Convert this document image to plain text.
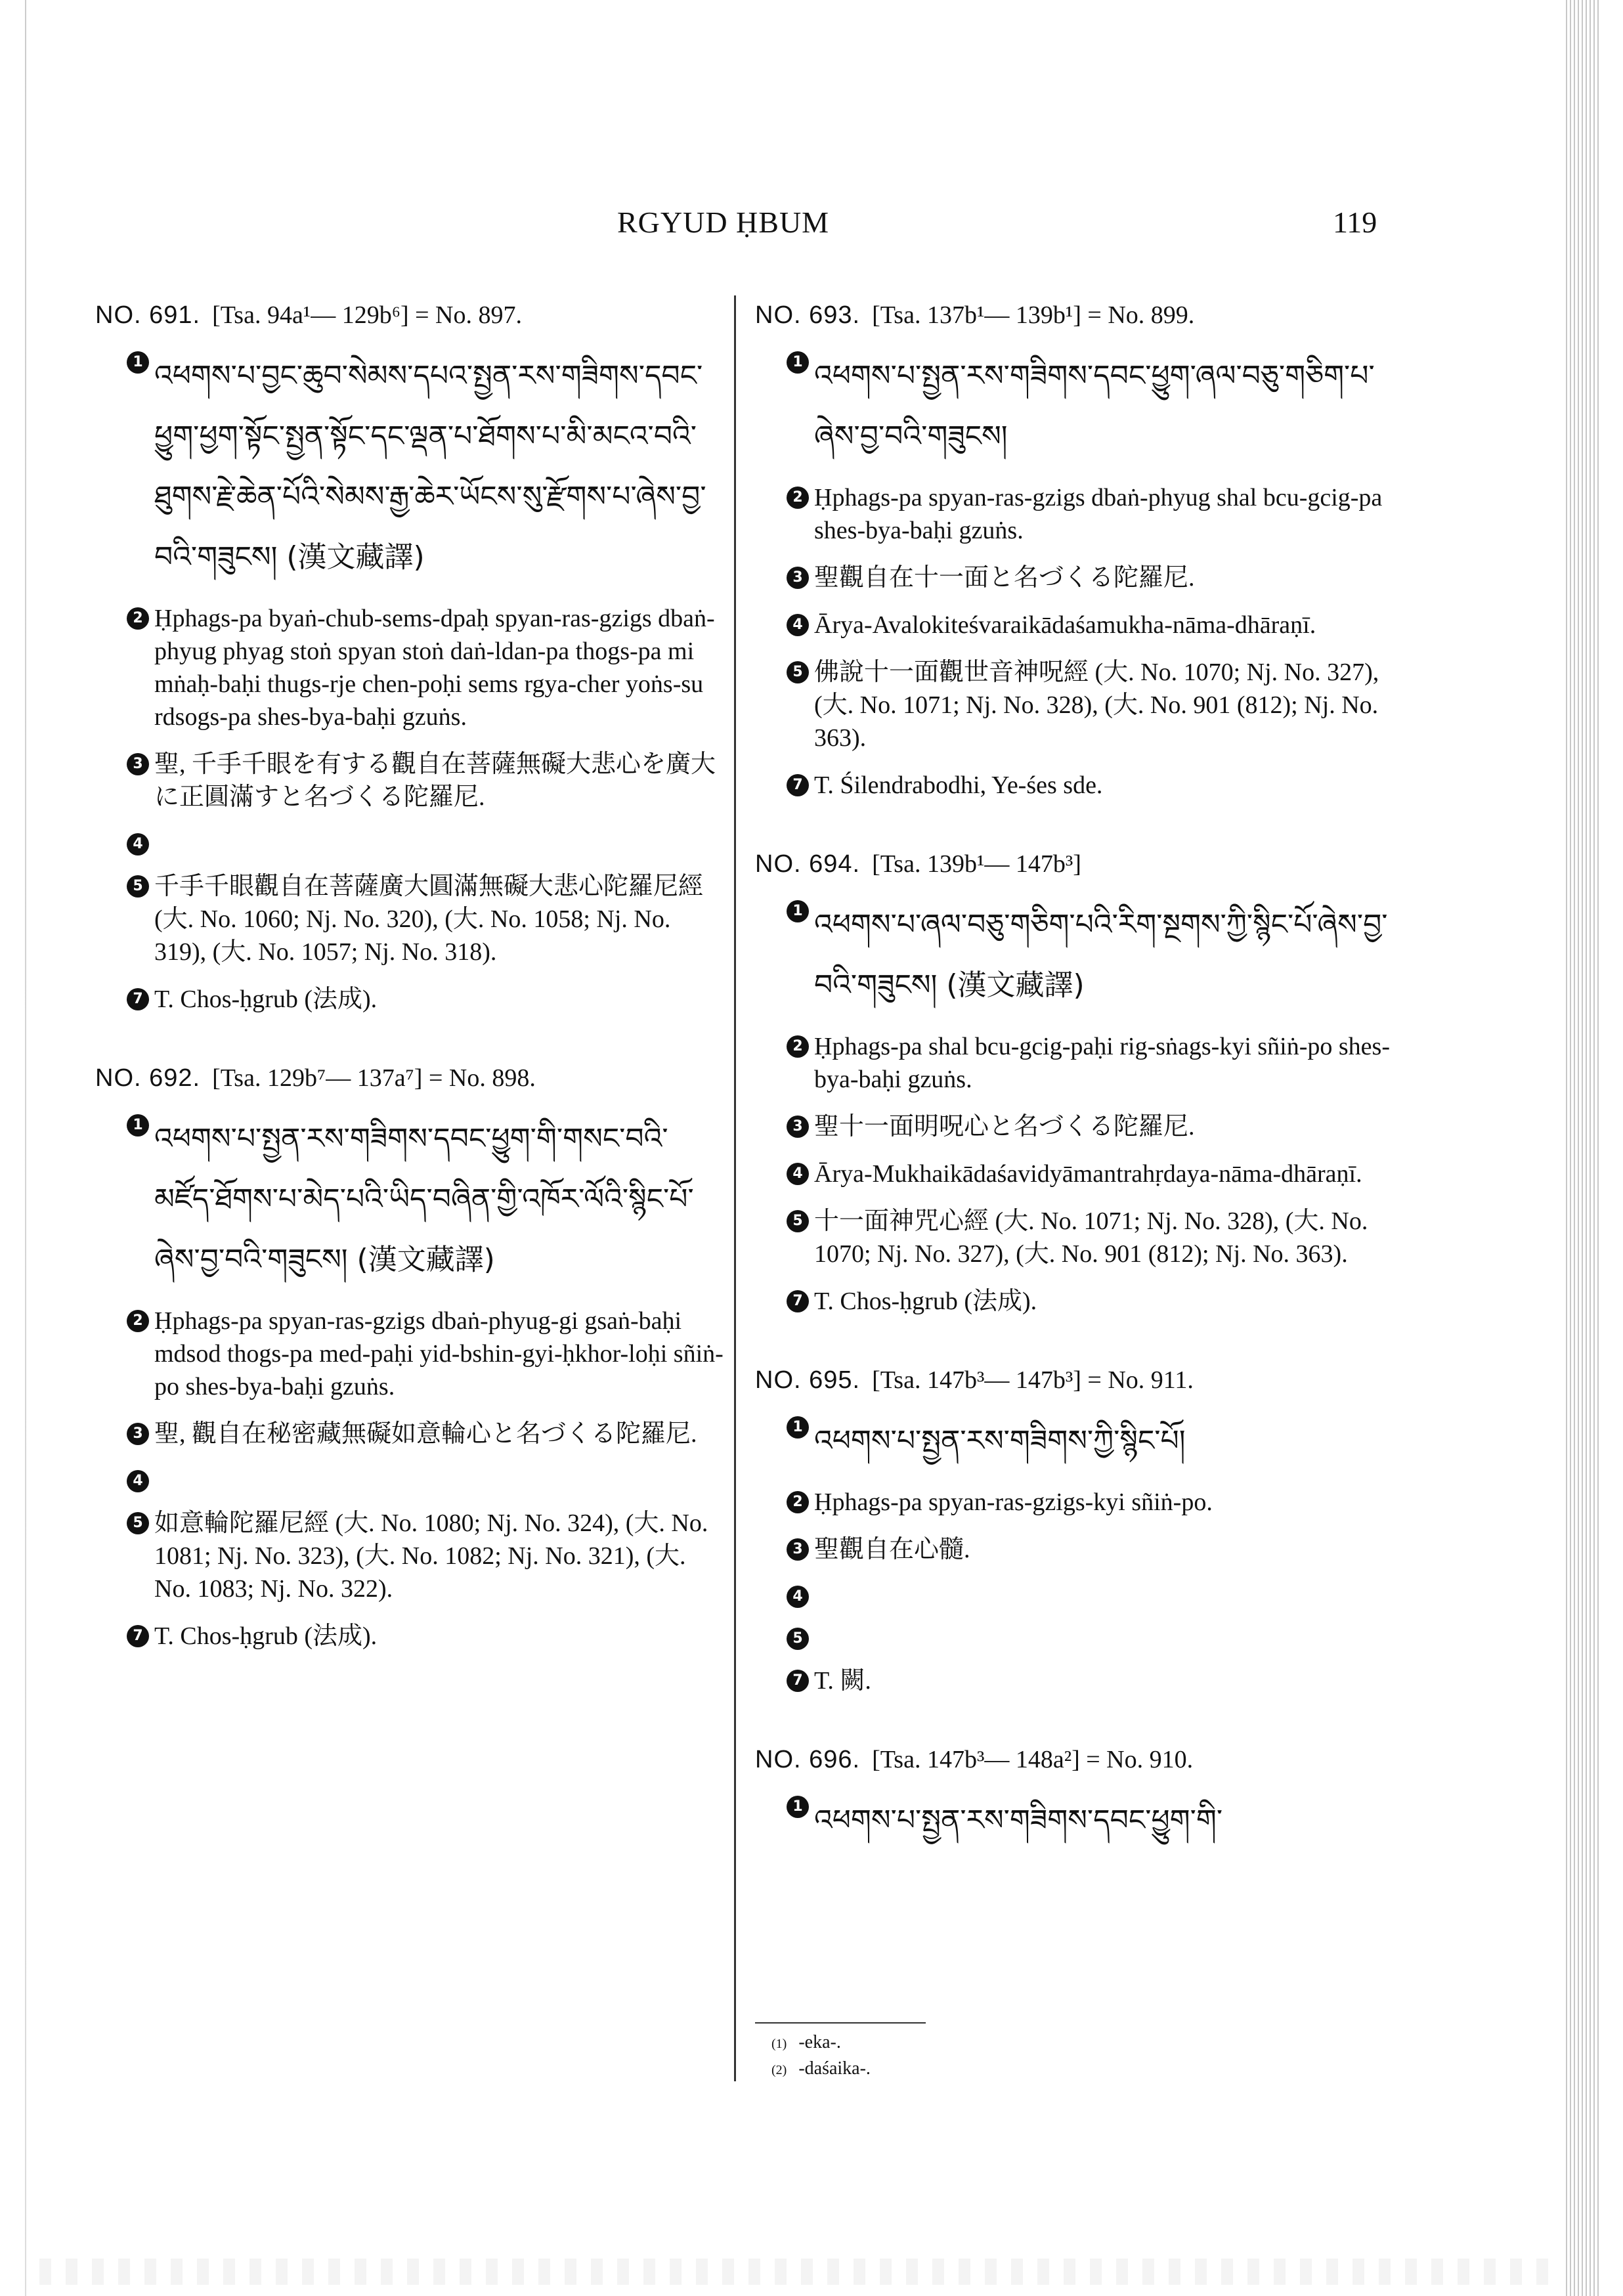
RGYUD ḤBUM	119
NO. 691. [Tsa. 94a¹— 129b⁶] = No. 897.
1 འཕགས་པ་བྱང་ཆུབ་སེམས་དཔའ་སྤྱན་རས་གཟིགས་དབང་ཕྱུག་ཕྱག་སྟོང་སྤྱན་སྟོང་དང་ལྡན་པ་ཐོགས་པ་མི་མངའ་བའི་ཐུགས་རྗེ་ཆེན་པོའི་སེམས་རྒྱ་ཆེར་ཡོངས་སུ་རྫོགས་པ་ཞེས་བྱ་བའི་གཟུངས། (漢文藏譯)
2 Ḥphags-pa byaṅ-chub-sems-dpaḥ spyan-ras-gzigs dbaṅ-phyug phyag stoṅ spyan stoṅ daṅ-ldan-pa thogs-pa mi mṅaḥ-baḥi thugs-rje chen-poḥi sems rgya-cher yoṅs-su rdsogs-pa shes-bya-baḥi gzuṅs.
3 聖, 千手千眼を有する觀自在菩薩無礙大悲心を廣大に正圓滿すと名づくる陀羅尼.
4
5 千手千眼觀自在菩薩廣大圓滿無礙大悲心陀羅尼經 (大. No. 1060; Nj. No. 320), (大. No. 1058; Nj. No. 319), (大. No. 1057; Nj. No. 318).
7 T. Chos-ḥgrub (法成).
NO. 692. [Tsa. 129b⁷— 137a⁷] = No. 898.
1 འཕགས་པ་སྤྱན་རས་གཟིགས་དབང་ཕྱུག་གི་གསང་བའི་མཛོད་ཐོགས་པ་མེད་པའི་ཡིད་བཞིན་གྱི་འཁོར་ལོའི་སྙིང་པོ་ཞེས་བྱ་བའི་གཟུངས། (漢文藏譯)
2 Ḥphags-pa spyan-ras-gzigs dbaṅ-phyug-gi gsaṅ-baḥi mdsod thogs-pa med-paḥi yid-bshin-gyi-ḥkhor-loḥi sñiṅ-po shes-bya-baḥi gzuṅs.
3 聖, 觀自在秘密藏無礙如意輪心と名づくる陀羅尼.
4
5 如意輪陀羅尼經 (大. No. 1080; Nj. No. 324), (大. No. 1081; Nj. No. 323), (大. No. 1082; Nj. No. 321), (大. No. 1083; Nj. No. 322).
7 T. Chos-ḥgrub (法成).
NO. 693. [Tsa. 137b¹— 139b¹] = No. 899.
1 འཕགས་པ་སྤྱན་རས་གཟིགས་དབང་ཕྱུག་ཞལ་བཅུ་གཅིག་པ་ཞེས་བྱ་བའི་གཟུངས།
2 Ḥphags-pa spyan-ras-gzigs dbaṅ-phyug shal bcu-gcig-pa shes-bya-baḥi gzuṅs.
3 聖觀自在十一面と名づくる陀羅尼.
4 Ārya-Avalokiteśvaraikādaśamukha-nāma-dhāraṇī.
5 佛說十一面觀世音神呪經 (大. No. 1070; Nj. No. 327), (大. No. 1071; Nj. No. 328), (大. No. 901 (812); Nj. No. 363).
7 T. Śilendrabodhi, Ye-śes sde.
NO. 694. [Tsa. 139b¹— 147b³]
1 འཕགས་པ་ཞལ་བཅུ་གཅིག་པའི་རིག་སྔགས་ཀྱི་སྙིང་པོ་ཞེས་བྱ་བའི་གཟུངས། (漢文藏譯)
2 Ḥphags-pa shal bcu-gcig-paḥi rig-sṅags-kyi sñiṅ-po shes-bya-baḥi gzuṅs.
3 聖十一面明呪心と名づくる陀羅尼.
4 Ārya-Mukhaikādaśavidyāmantrahṛdaya-nāma-dhāraṇī.
5 十一面神咒心經 (大. No. 1071; Nj. No. 328), (大. No. 1070; Nj. No. 327), (大. No. 901 (812); Nj. No. 363).
7 T. Chos-ḥgrub (法成).
NO. 695. [Tsa. 147b³— 147b³] = No. 911.
1 འཕགས་པ་སྤྱན་རས་གཟིགས་ཀྱི་སྙིང་པོ།
2 Ḥphags-pa spyan-ras-gzigs-kyi sñiṅ-po.
3 聖觀自在心髓.
4
5
7 T. 闕.
NO. 696. [Tsa. 147b³— 148a²] = No. 910.
1 འཕགས་པ་སྤྱན་རས་གཟིགས་དབང་ཕྱུག་གི་
(1) -eka-.
(2) -daśaika-.
